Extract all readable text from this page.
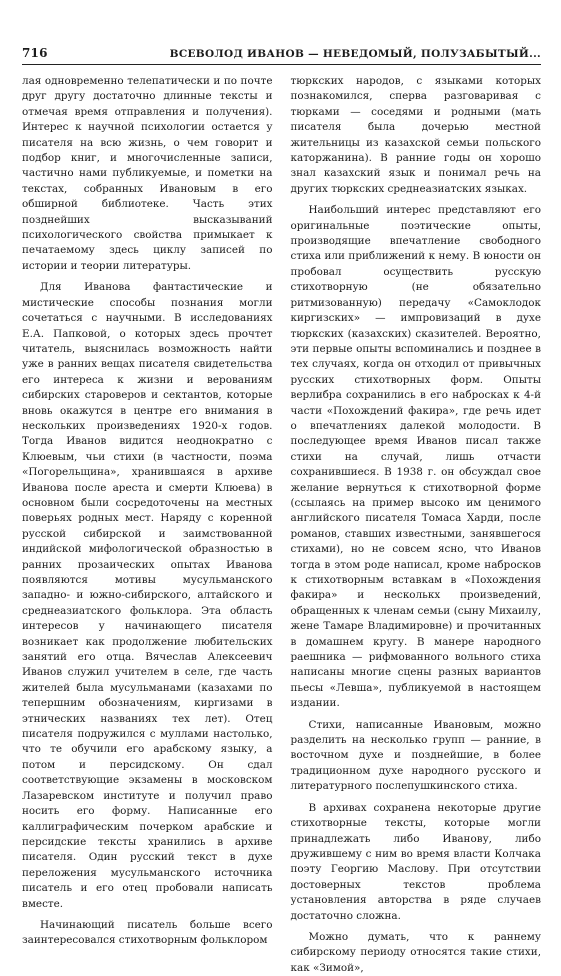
716	ВСЕВОЛОД ИВАНОВ — НЕВЕДОМЫЙ, ПОЛУЗАБЫТЫЙ...

лая одновременно телепатически и по почте друг другу достаточно длинные тексты и отмечая время отправления и получения). Интерес к научной психологии остается у писателя на всю жизнь, о чем говорит и подбор книг, и многочисленные записи, частично нами публикуемые, и пометки на текстах, собранных Ивановым в его обширной библиотеке. Часть этих позднейших высказываний психологического свойства примыкает к печатаемому здесь циклу записей по истории и теории литературы.

Для Иванова фантастические и мистические способы познания могли сочетаться с научными. В исследованиях Е.А. Папковой, о которых здесь прочтет читатель, выяснилась возможность найти уже в ранних вещах писателя свидетельства его интереса к жизни и верованиям сибирских староверов и сектантов, которые вновь окажутся в центре его внимания в нескольких произведениях 1920-х годов. Тогда Иванов видится неоднократно с Клюевым, чьи стихи (в частности, поэма «Погорельщина», хранившаяся в архиве Иванова после ареста и смерти Клюева) в основном были сосредоточены на местных поверьях родных мест. Наряду с коренной русской сибирской и заимствованной индийской мифологической образностью в ранних прозаических опытах Иванова появляются мотивы мусульманского западно- и южно-сибирского, алтайского и среднеазиатского фольклора. Эта область интересов у начинающего писателя возникает как продолжение любительских занятий его отца. Вячеслав Алексеевич Иванов служил учителем в селе, где часть жителей была мусульманами (казахами по тепершним обозначениям, киргизами в этнических названиях тех лет). Отец писателя подружился с муллами настолько, что те обучили его арабскому языку, а потом и персидскому. Он сдал соответствующие экзамены в московском Лазаревском институте и получил право носить его форму. Написанные его каллиграфическим почерком арабские и персидские тексты хранились в архиве писателя. Один русский текст в духе переложения мусульманского источника писатель и его отец пробовали написать вместе.

Начинающий писатель больше всего заинтересовался стихотворным фольклором

тюркских народов, с языками которых познакомился, сперва разговаривая с тюрками — соседями и родными (мать писателя была дочерью местной жительницы из казахской семьи польского каторжанина). В ранние годы он хорошо знал казахский язык и понимал речь на других тюркских среднеазиатских языках.

Наибольший интерес представляют его оригинальные поэтические опыты, производящие впечатление свободного стиха или приближений к нему. В юности он пробовал осуществить русскую стихотворную (не обязательно ритмизованную) передачу «Самоклодок киргизских» — импровизаций в духе тюркских (казахских) сказителей. Вероятно, эти первые опыты вспоминались и позднее в тех случаях, когда он отходил от привычных русских стихотворных форм. Опыты верлибра сохранились в его набросках к 4-й части «Похождений факира», где речь идет о впечатлениях далекой молодости. В последующее время Иванов писал также стихи на случай, лишь отчасти сохранившиеся. В 1938 г. он обсуждал свое желание вернуться к стихотворной форме (ссылаясь на пример высоко им ценимого английского писателя Томаса Харди, после романов, ставших известными, занявшегося стихами), но не совсем ясно, что Иванов тогда в этом роде написал, кроме набросков к стихотворным вставкам в «Похождения факира» и несколькх произведений, обращенных к членам семьи (сыну Михаилу, жене Тамаре Владимировне) и прочитанных в домашнем кругу. В манере народного раешника — рифмованного вольного стиха написаны многие сцены разных вариантов пьесы «Левша», публикуемой в настоящем издании.

Стихи, написанные Ивановым, можно разделить на несколько групп — ранние, в восточном духе и позднейшие, в более традиционном духе народного русского и литературного послепушкинского стиха.

В архивах сохранена некоторые другие стихотворные тексты, которые могли принадлежать либо Иванову, либо дружившему с ним во время власти Колчака поэту Георгию Маслову. При отсутствии достоверных текстов проблема установления авторства в ряде случаев достаточно сложна.

Можно думать, что к раннему сибирскому периоду относятся такие стихи, как «Зимой»,
